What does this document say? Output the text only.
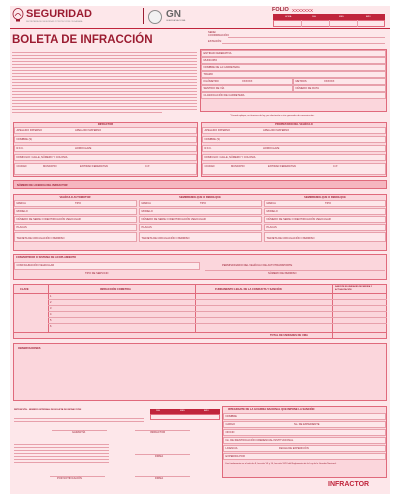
SEGURIDAD
SECRETARÍA DE SEGURIDAD Y PROTECCIÓN CIUDADANA
GN
GUARDIA NACIONAL
FOLIO XXXXXXX
HORA	DIA	MES	AÑO
BOLETA DE INFRACCIÓN
SEDE/
COORDINACIÓN:
ESTACIÓN:
ENTIDAD FEDERATIVA
MUNICIPIO
NOMBRE DE LA CARRETERA
TRAMO
KILÓMETRO	XXXXXX	METROS	XXXXXX
SENTIDO DE VÍA	NÚMERO DE RUTA
CLASIFICACIÓN DE CARRETERA
*Cuando aplique, en términos de ley, por afectación a vías generales de comunicación.
INFRACTOR
APELLIDO PATERNO	APELLIDO MATERNO
NOMBRE (S)
R.F.C.	HOMOCLAVE
DOMICILIO: CALLE, NÚMERO Y COLONIA
CIUDAD	MUNICIPIO	ENTIDAD FEDERATIVA	C.P.
PROPIETARIO DEL VEHÍCULO
APELLIDO PATERNO	APELLIDO MATERNO
NOMBRE (S)
R.F.C.	HOMOCLAVE
DOMICILIO: CALLE, NÚMERO Y COLONIA
CIUDAD	MUNICIPIO	ENTIDAD FEDERATIVA	C.P.
NÚMERO DE LICENCIA DEL INFRACTOR
VEHÍCULO AUTOMOTOR
MARCA	TIPO
MODELO
NÚMERO DE SERIE O IDENTIFICACIÓN VEHICULAR
PLACAS
TARJETA DE CIRCULACIÓN / PERMISO
SEMIRREMOLQUE O REMOLQUE
MARCA	TIPO
MODELO
NÚMERO DE SERIE O IDENTIFICACIÓN VEHICULAR
PLACAS
TARJETA DE CIRCULACIÓN / PERMISO
SEMIRREMOLQUE O REMOLQUE
MARCA	TIPO
MODELO
NÚMERO DE SERIE O IDENTIFICACIÓN VEHICULAR
PLACAS
TARJETA DE CIRCULACIÓN / PERMISO
CONVERTIDOR O SISTEMA DE ACOPLAMIENTO
CONFIGURACIÓN VEHICULAR
TIPO DE SERVICIO
PERMISIONARIO DEL VEHÍCULO DE AUTOTRANSPORTE
NÚMERO DE PERMISO
CLAVE	INFRACCIÓN COMETIDA	FUNDAMENTO LEGAL DE LA CONDUCTA Y SANCIÓN
SANCIÓN EN UNIDADES DE MEDIDA Y ACTUALIZACIÓN
1
2
3
4
5
6
TOTAL DE UNIDADES DE UMA
OBSERVACIONES
RETENCIÓN - NÚMERO INTERNAL DE BOLETA DE INFRACCIÓN	DÍA	MES	AÑO
GARANTÍA	INFRACTOR
FIRMA
POR NOTIFICACIÓN	FIRMA
INTEGRANTE DE LA GUARDIA NACIONAL QUE IMPONE LA SANCIÓN
NOMBRE
CARGO	No. DE EXPEDIENTE
OFICIO
No. DE IDENTIFICACIÓN CREDENCIAL INSTITUCIONAL
LICENCIA	FECHA DE EXPEDICIÓN
EXPEDIDA POR
Con fundamento en el artículo 9, fracción VII y 10, fracción XXXI del Reglamento de la Ley de la Guardia Nacional.
INFRACTOR
